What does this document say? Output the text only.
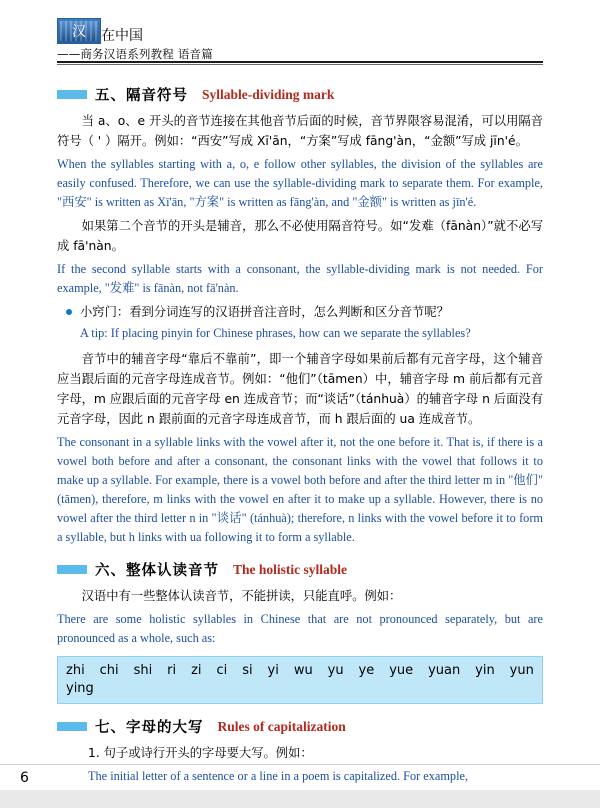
汉	在中国
——商务汉语系列教程 语音篇
五、隔音符号 Syllable-dividing mark

当 a、o、e 开头的音节连接在其他音节后面的时候，音节界限容易混淆，可以用隔音符号（ ' ）隔开。例如：“西安”写成 Xī'ān，“方案”写成 fāng'àn，“金额”写成 jīn'é。

When the syllables starting with a, o, e follow other syllables, the division of the syllables are easily confused. Therefore, we can use the syllable-dividing mark to separate them. For example, "西安" is written as Xī'ān, "方案" is written as fāng'àn, and "金额" is written as jīn'é.

如果第二个音节的开头是辅音，那么不必使用隔音符号。如“发难（fānàn）”就不必写成 fā'nàn。

If the second syllable starts with a consonant, the syllable-dividing mark is not needed. For example, "发难" is fānàn, not fā'nàn.

小窍门：看到分词连写的汉语拼音注音时，怎么判断和区分音节呢？
A tip: If placing pinyin for Chinese phrases, how can we separate the syllables?

音节中的辅音字母“靠后不靠前”，即一个辅音字母如果前后都有元音字母，这个辅音应当跟后面的元音字母连成音节。例如：“他们”（tāmen）中，辅音字母 m 前后都有元音字母，m 应跟后面的元音字母 en 连成音节；而“谈话”（tánhuà）的辅音字母 n 后面没有元音字母，因此 n 跟前面的元音字母连成音节，而 h 跟后面的 ua 连成音节。

The consonant in a syllable links with the vowel after it, not the one before it. That is, if there is a vowel both before and after a consonant, the consonant links with the vowel that follows it to make up a syllable. For example, there is a vowel both before and after the third letter m in "他们" (tāmen), therefore, m links with the vowel en after it to make up a syllable. However, there is no vowel after the third letter n in "谈话" (tánhuà); therefore, n links with the vowel before it to form a syllable, but h links with ua following it to form a syllable.

六、整体认读音节 The holistic syllable

汉语中有一些整体认读音节，不能拼读，只能直呼。例如：

There are some holistic syllables in Chinese that are not pronounced separately, but are pronounced as a whole, such as:

zhi chi shi ri zi ci si yi wu yu ye yue yuan yin yun
ying
七、字母的大写 Rules of capitalization
1. 句子或诗行开头的字母要大写。例如：

The initial letter of a sentence or a line in a poem is capitalized. For example,

6
